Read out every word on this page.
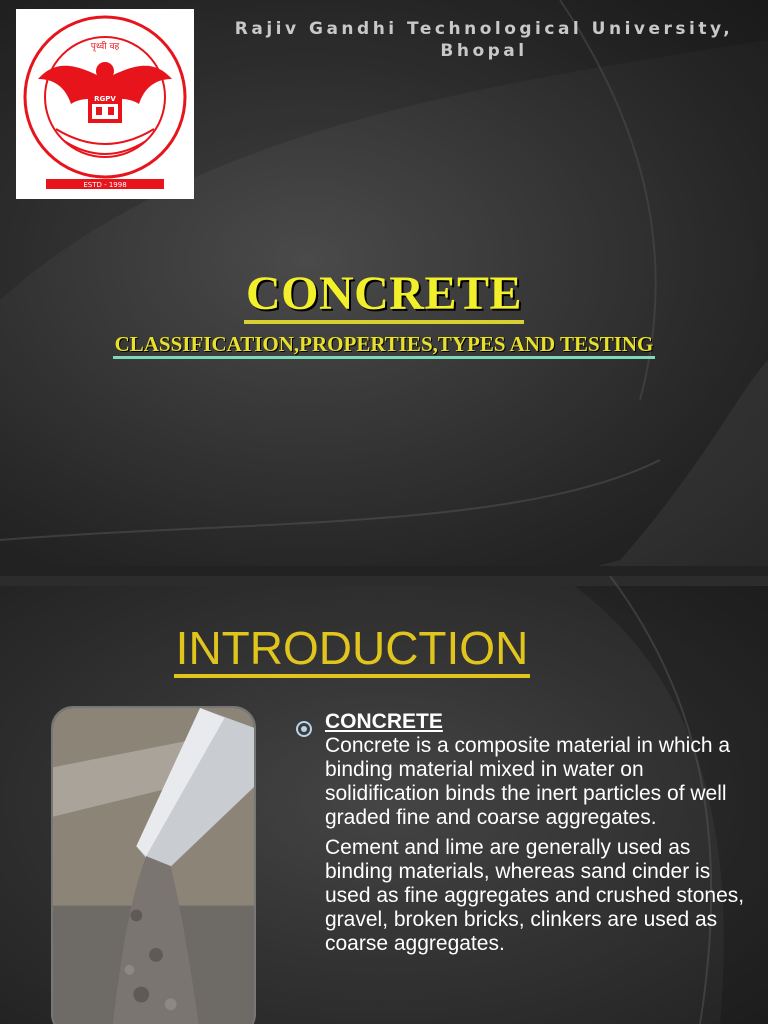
ESTD - 1998
पृथ्वी वह
RGPV
Rajiv Gandhi Technological University, Bhopal
CONCRETE
CLASSIFICATION,PROPERTIES,TYPES AND TESTING
INTRODUCTION
CONCRETE

Concrete is a composite material in which a binding material mixed in water on solidification binds the inert particles of well graded fine and coarse aggregates.

Cement and lime are generally used as binding materials, whereas sand cinder is used as fine aggregates and crushed stones, gravel, broken bricks, clinkers are used as coarse aggregates.
